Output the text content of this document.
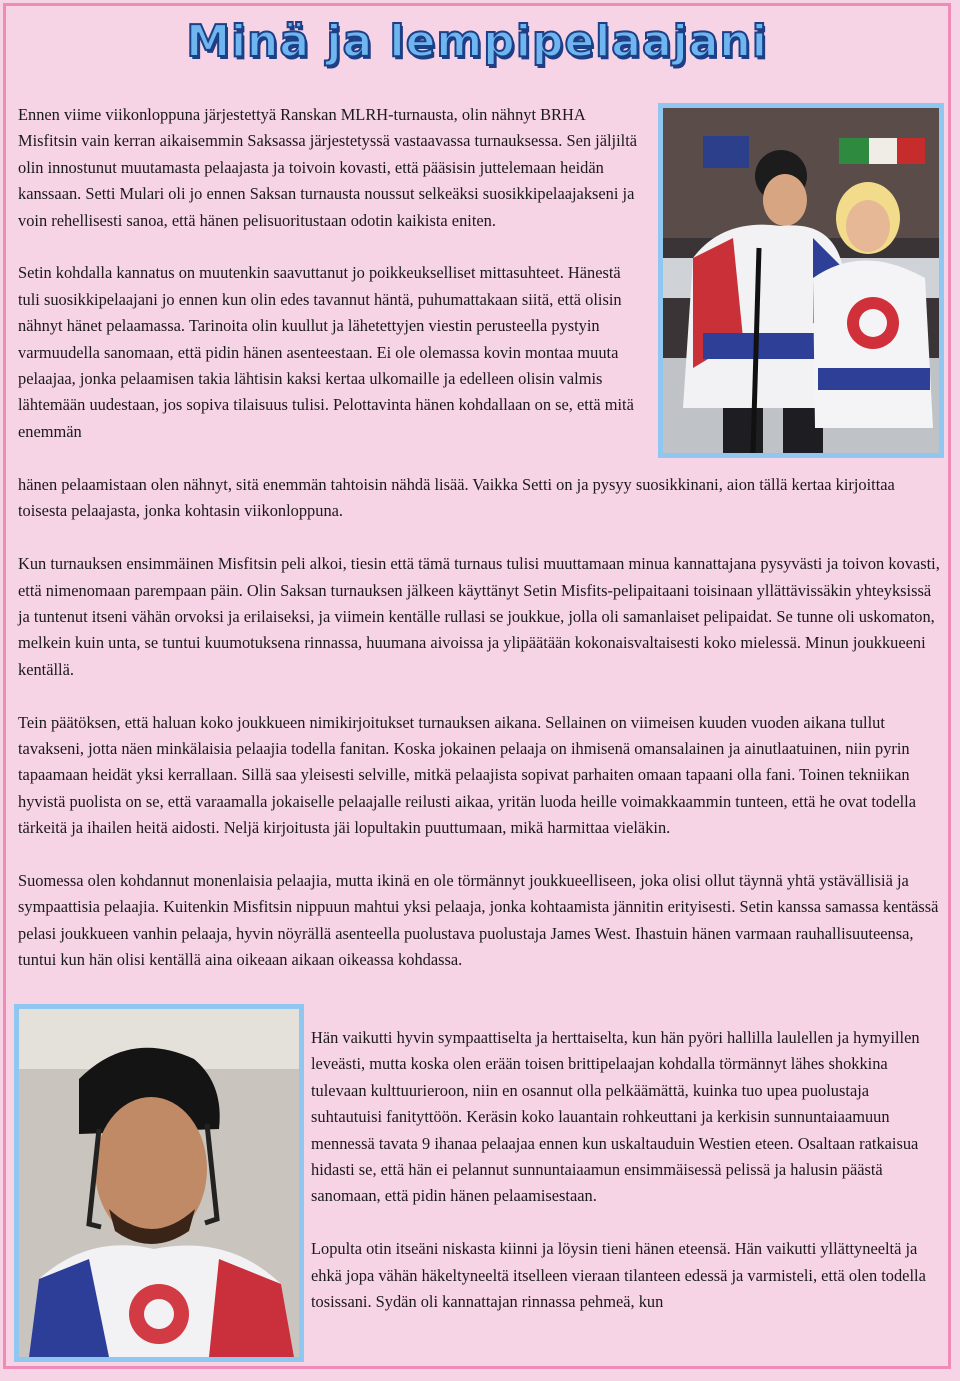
Minä ja lempipelaajani

Ennen viime viikonloppuna järjestettyä Ranskan MLRH-turnausta, olin nähnyt BRHA Misfitsin vain kerran aikaisemmin Saksassa järjestetyssä vastaavassa turnauksessa. Sen jäljiltä olin innostunut muutamasta pelaajasta ja toivoin kovasti, että pääsisin juttelemaan heidän kanssaan. Setti Mulari oli jo ennen Saksan turnausta noussut selkeäksi suosikkipelaajakseni ja voin rehellisesti sanoa, että hänen pelisuoritustaan odotin kaikista eniten.

Setin kohdalla kannatus on muutenkin saavuttanut jo poikkeukselliset mittasuhteet. Hänestä tuli suosikkipelaajani jo ennen kun olin edes tavannut häntä, puhumattakaan siitä, että olisin nähnyt hänet pelaamassa. Tarinoita olin kuullut ja lähetettyjen viestin perusteella pystyin varmuudella sanomaan, että pidin hänen asenteestaan. Ei ole olemassa kovin montaa muuta pelaajaa, jonka pelaamisen takia lähtisin kaksi kertaa ulkomaille ja edelleen olisin valmis lähtemään uudestaan, jos sopiva tilaisuus tulisi. Pelottavinta hänen kohdallaan on se, että mitä enemmän

hänen pelaamistaan olen nähnyt, sitä enemmän tahtoisin nähdä lisää. Vaikka Setti on ja pysyy suosikkinani, aion tällä kertaa kirjoittaa toisesta pelaajasta, jonka kohtasin viikonloppuna.

Kun turnauksen ensimmäinen Misfitsin peli alkoi, tiesin että tämä turnaus tulisi muuttamaan minua kannattajana pysyvästi ja toivon kovasti, että nimenomaan parempaan päin. Olin Saksan turnauksen jälkeen käyttänyt Setin Misfits-pelipaitaani toisinaan yllättävissäkin yhteyksissä ja tuntenut itseni vähän orvoksi ja erilaiseksi, ja viimein kentälle rullasi se joukkue, jolla oli samanlaiset pelipaidat. Se tunne oli uskomaton, melkein kuin unta, se tuntui kuumotuksena rinnassa, huumana aivoissa ja ylipäätään kokonaisvaltaisesti koko mielessä. Minun joukkueeni kentällä.

Tein päätöksen, että haluan koko joukkueen nimikirjoitukset turnauksen aikana. Sellainen on viimeisen kuuden vuoden aikana tullut tavakseni, jotta näen minkälaisia pelaajia todella fanitan. Koska jokainen pelaaja on ihmisenä omansalainen ja ainutlaatuinen, niin pyrin tapaamaan heidät yksi kerrallaan. Sillä saa yleisesti selville, mitkä pelaajista sopivat parhaiten omaan tapaani olla fani. Toinen tekniikan hyvistä puolista on se, että varaamalla jokaiselle pelaajalle reilusti aikaa, yritän luoda heille voimakkaammin tunteen, että he ovat todella tärkeitä ja ihailen heitä aidosti. Neljä kirjoitusta jäi lopultakin puuttumaan, mikä harmittaa vieläkin.

Suomessa olen kohdannut monenlaisia pelaajia, mutta ikinä en ole törmännyt joukkueelliseen, joka olisi ollut täynnä yhtä ystävällisiä ja sympaattisia pelaajia. Kuitenkin Misfitsin nippuun mahtui yksi pelaaja, jonka kohtaamista jännitin erityisesti. Setin kanssa samassa kentässä pelasi joukkueen vanhin pelaaja, hyvin nöyrällä asenteella puolustava puolustaja James West. Ihastuin hänen varmaan rauhallisuuteensa, tuntui kun hän olisi kentällä aina oikeaan aikaan oikeassa kohdassa.

Hän vaikutti hyvin sympaattiselta ja herttaiselta, kun hän pyöri hallilla laulellen ja hymyillen leveästi, mutta koska olen erään toisen brittipelaajan kohdalla törmännyt lähes shokkina tulevaan kulttuurieroon, niin en osannut olla pelkäämättä, kuinka tuo upea puolustaja suhtautuisi fanityttöön. Keräsin koko lauantain rohkeuttani ja kerkisin sunnuntaiaamuun mennessä tavata 9 ihanaa pelaajaa ennen kun uskaltauduin Westien eteen. Osaltaan ratkaisua hidasti se, että hän ei pelannut sunnuntaiaamun ensimmäisessä pelissä ja halusin päästä sanomaan, että pidin hänen pelaamisestaan.

Lopulta otin itseäni niskasta kiinni ja löysin tieni hänen eteensä. Hän vaikutti yllättyneeltä ja ehkä jopa vähän häkeltyneeltä itselleen vieraan tilanteen edessä ja varmisteli, että olen todella tosissani. Sydän oli kannattajan rinnassa pehmeä, kun
